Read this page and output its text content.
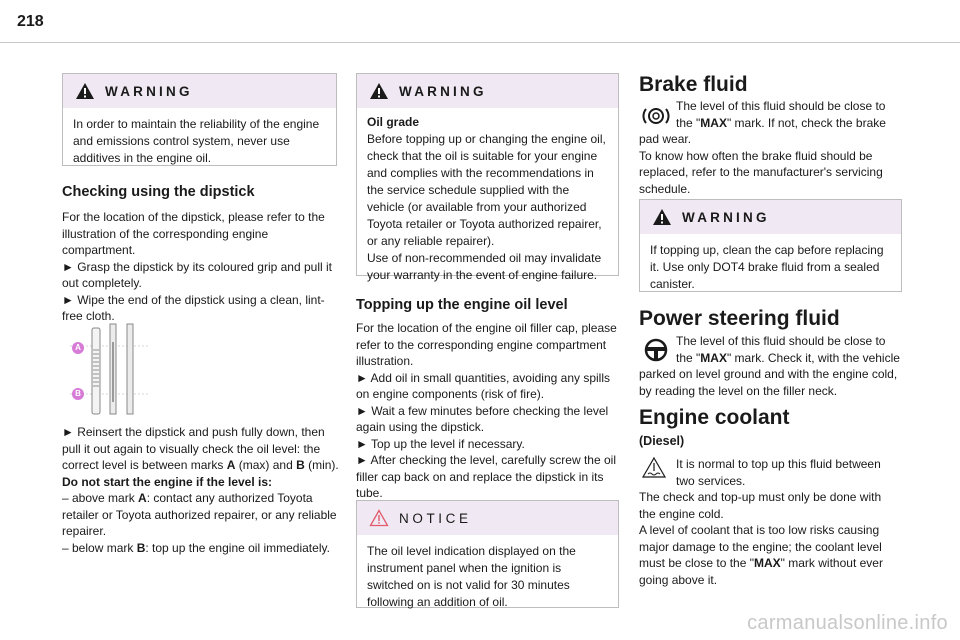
218
WARNING
In order to maintain the reliability of the engine and emissions control system, never use additives in the engine oil.
Checking using the dipstick

For the location of the dipstick, please refer to the illustration of the corresponding engine compartment.
► Grasp the dipstick by its coloured grip and pull it out completely.
► Wipe the end of the dipstick using a clean, lint-free cloth.

A
B
► Reinsert the dipstick and push fully down, then pull it out again to visually check the oil level: the correct level is between marks A (max) and B (min).
Do not start the engine if the level is:
– above mark A: contact any authorized Toyota retailer or Toyota authorized repairer, or any reliable repairer.
– below mark B: top up the engine oil immediately.
WARNING
Oil grade
Before topping up or changing the engine oil, check that the oil is suitable for your engine and complies with the recommendations in the service schedule supplied with the vehicle (or available from your authorized Toyota retailer or Toyota authorized repairer, or any reliable repairer).
Use of non-recommended oil may invalidate your warranty in the event of engine failure.
Topping up the engine oil level

For the location of the engine oil filler cap, please refer to the corresponding engine compartment illustration.
► Add oil in small quantities, avoiding any spills on engine components (risk of fire).
► Wait a few minutes before checking the level again using the dipstick.
► Top up the level if necessary.
► After checking the level, carefully screw the oil filler cap back on and replace the dipstick in its tube.

NOTICE
The oil level indication displayed on the instrument panel when the ignition is switched on is not valid for 30 minutes following an addition of oil.
Brake fluid
The level of this fluid should be close to the "MAX" mark. If not, check the brake pad wear.
To know how often the brake fluid should be replaced, refer to the manufacturer's servicing schedule.
WARNING
If topping up, clean the cap before replacing it. Use only DOT4 brake fluid from a sealed canister.
Power steering fluid
The level of this fluid should be close to the "MAX" mark. Check it, with the vehicle parked on level ground and with the engine cold, by reading the level on the filler neck.
Engine coolant
(Diesel)
It is normal to top up this fluid between two services.
The check and top-up must only be done with the engine cold.
A level of coolant that is too low risks causing major damage to the engine; the coolant level must be close to the "MAX" mark without ever going above it.
carmanualsonline.info
